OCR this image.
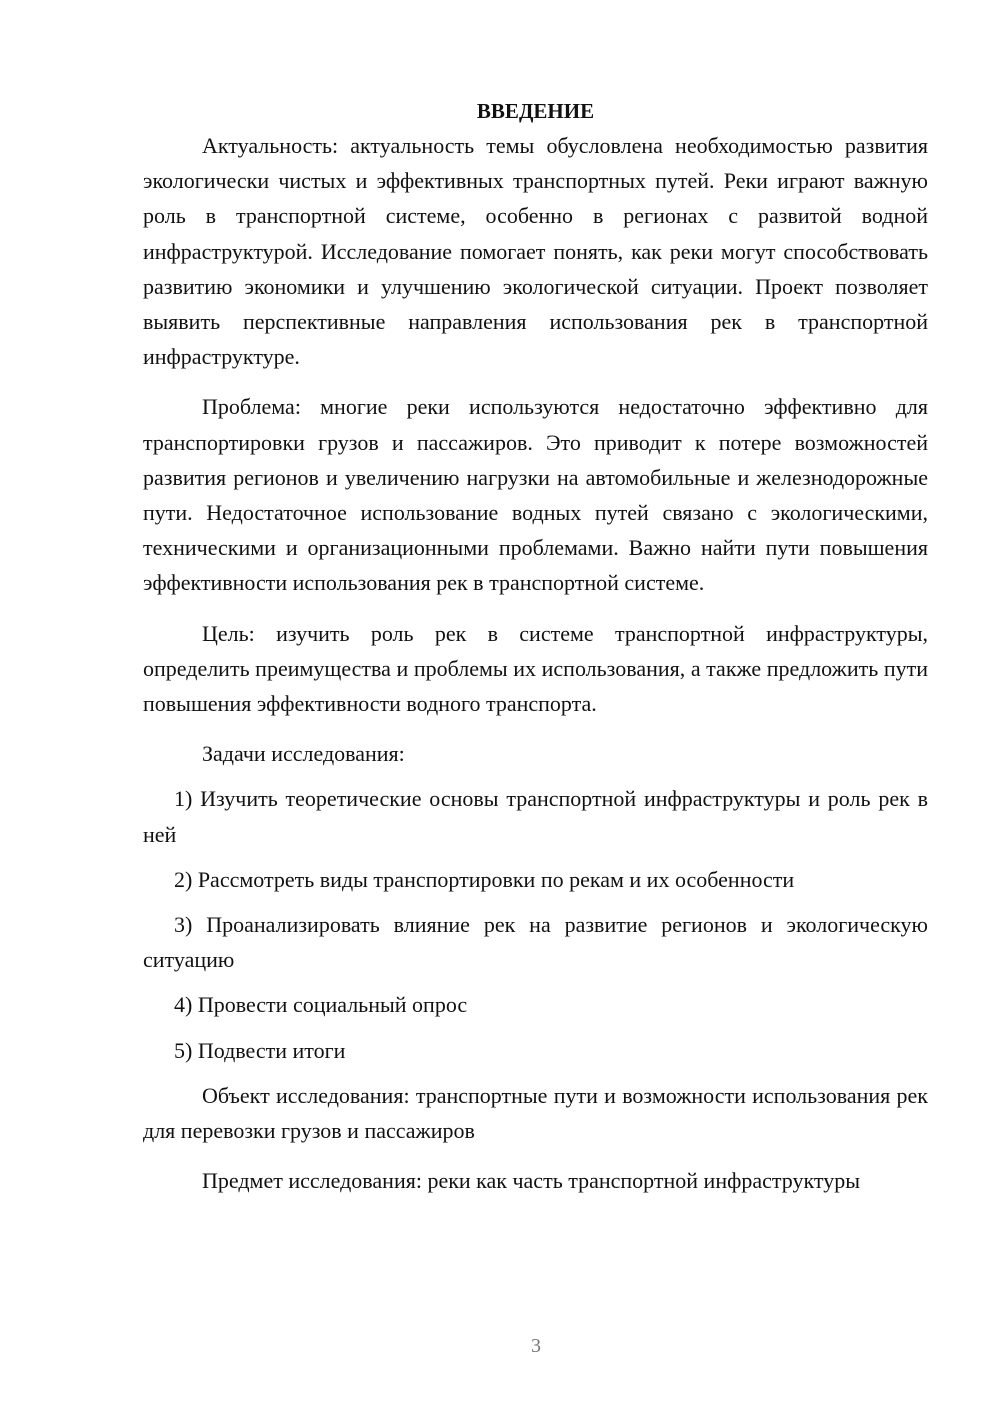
ВВЕДЕНИЕ

Актуальность: актуальность темы обусловлена необходимостью развития экологически чистых и эффективных транспортных путей. Реки играют важную роль в транспортной системе, особенно в регионах с развитой водной инфраструктурой. Исследование помогает понять, как реки могут способствовать развитию экономики и улучшению экологической ситуации. Проект позволяет выявить перспективные направления использования рек в транспортной инфраструктуре.

Проблема: многие реки используются недостаточно эффективно для транспортировки грузов и пассажиров. Это приводит к потере возможностей развития регионов и увеличению нагрузки на автомобильные и железнодорожные пути. Недостаточное использование водных путей связано с экологическими, техническими и организационными проблемами. Важно найти пути повышения эффективности использования рек в транспортной системе.

Цель: изучить роль рек в системе транспортной инфраструктуры, определить преимущества и проблемы их использования, а также предложить пути повышения эффективности водного транспорта.

Задачи исследования:

1) Изучить теоретические основы транспортной инфраструктуры и роль рек в ней

2) Рассмотреть виды транспортировки по рекам и их особенности

3) Проанализировать влияние рек на развитие регионов и экологическую ситуацию

4) Провести социальный опрос

5) Подвести итоги

Объект исследования: транспортные пути и возможности использования рек для перевозки грузов и пассажиров

Предмет исследования: реки как часть транспортной инфраструктуры

3
